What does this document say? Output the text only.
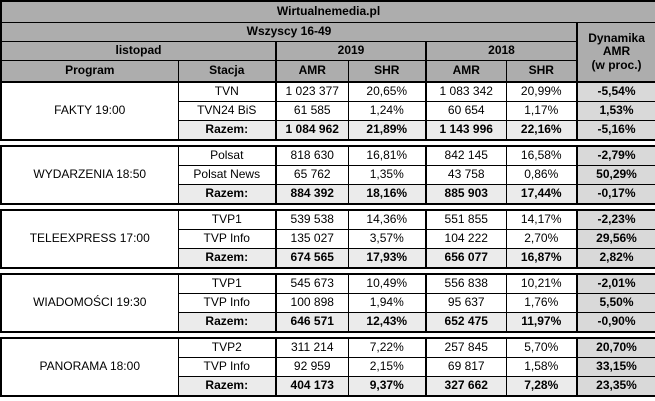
Wirtualnemedia.pl						
Wszyscy 16-49						Dynamika
AMR
(w proc.)

listopad		2019		2018		
Program	Stacja	AMR	SHR	AMR	SHR	
FAKTY 19:00	TVN	1 023 377	20,65%	1 083 342	20,99%	-5,54%
	TVN24 BiS	61 585	1,24%	60 654	1,17%	1,53%
	Razem:	1 084 962	21,89%	1 143 996	22,16%	-5,16%
WYDARZENIA 18:50	Polsat	818 630	16,81%	842 145	16,58%	-2,79%
	Polsat News	65 762	1,35%	43 758	0,86%	50,29%
	Razem:	884 392	18,16%	885 903	17,44%	-0,17%
TELEEXPRESS 17:00	TVP1	539 538	14,36%	551 855	14,17%	-2,23%
	TVP Info	135 027	3,57%	104 222	2,70%	29,56%
	Razem:	674 565	17,93%	656 077	16,87%	2,82%
WIADOMOŚCI 19:30	TVP1	545 673	10,49%	556 838	10,21%	-2,01%
	TVP Info	100 898	1,94%	95 637	1,76%	5,50%
	Razem:	646 571	12,43%	652 475	11,97%	-0,90%
PANORAMA 18:00	TVP2	311 214	7,22%	257 845	5,70%	20,70%
	TVP Info	92 959	2,15%	69 817	1,58%	33,15%
	Razem:	404 173	9,37%	327 662	7,28%	23,35%
